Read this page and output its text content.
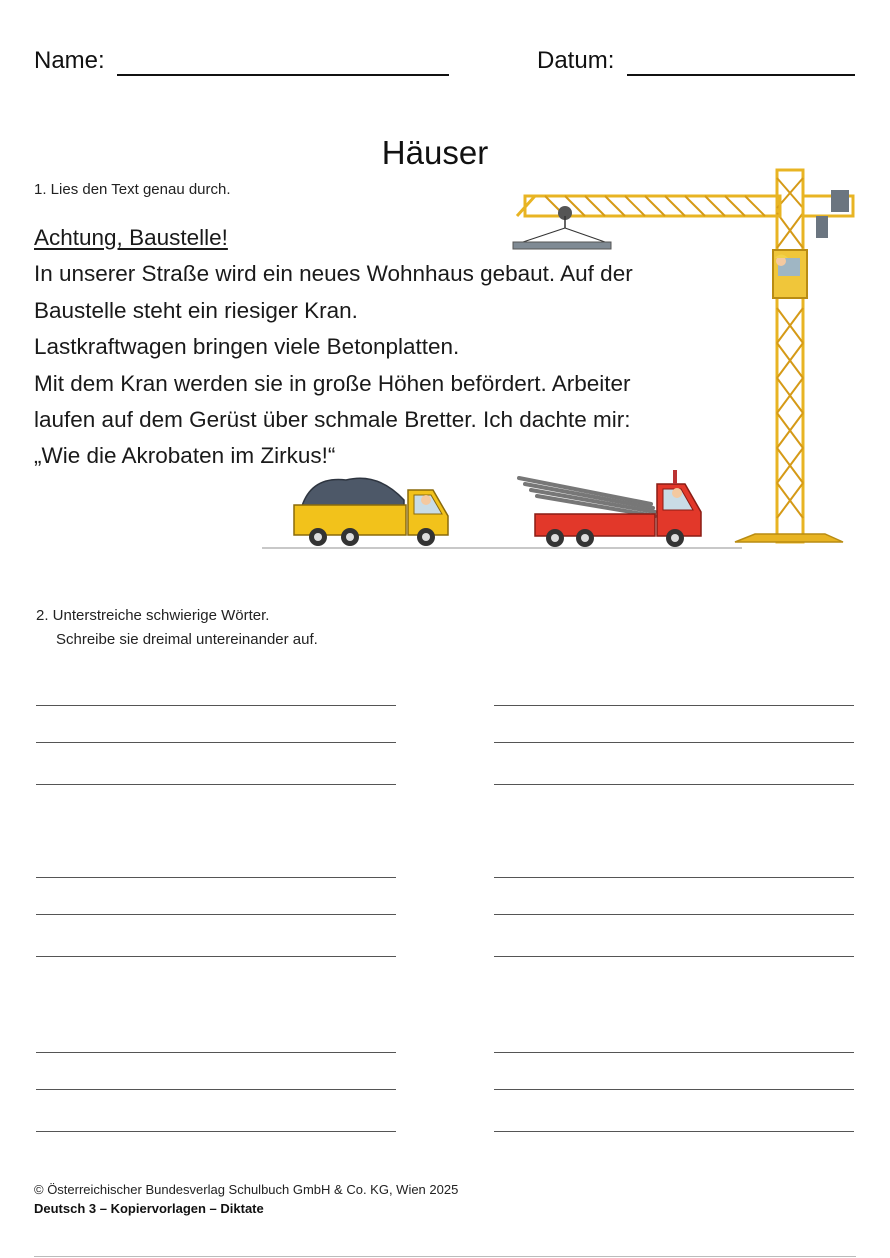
Name:	Datum:
Häuser
1. Lies den Text genau durch.
Achtung, Baustelle!
In unserer Straße wird ein neues Wohnhaus gebaut. Auf der
Baustelle steht ein riesiger Kran.
Lastkraftwagen bringen viele Betonplatten.
Mit dem Kran werden sie in große Höhen befördert. Arbeiter
laufen auf dem Gerüst über schmale Bretter. Ich dachte mir:
„Wie die Akrobaten im Zirkus!“
2. Unterstreiche schwierige Wörter.
Schreibe sie dreimal untereinander auf.
© Österreichischer Bundesverlag Schulbuch GmbH & Co. KG, Wien 2025
Deutsch 3 – Kopiervorlagen – Diktate
